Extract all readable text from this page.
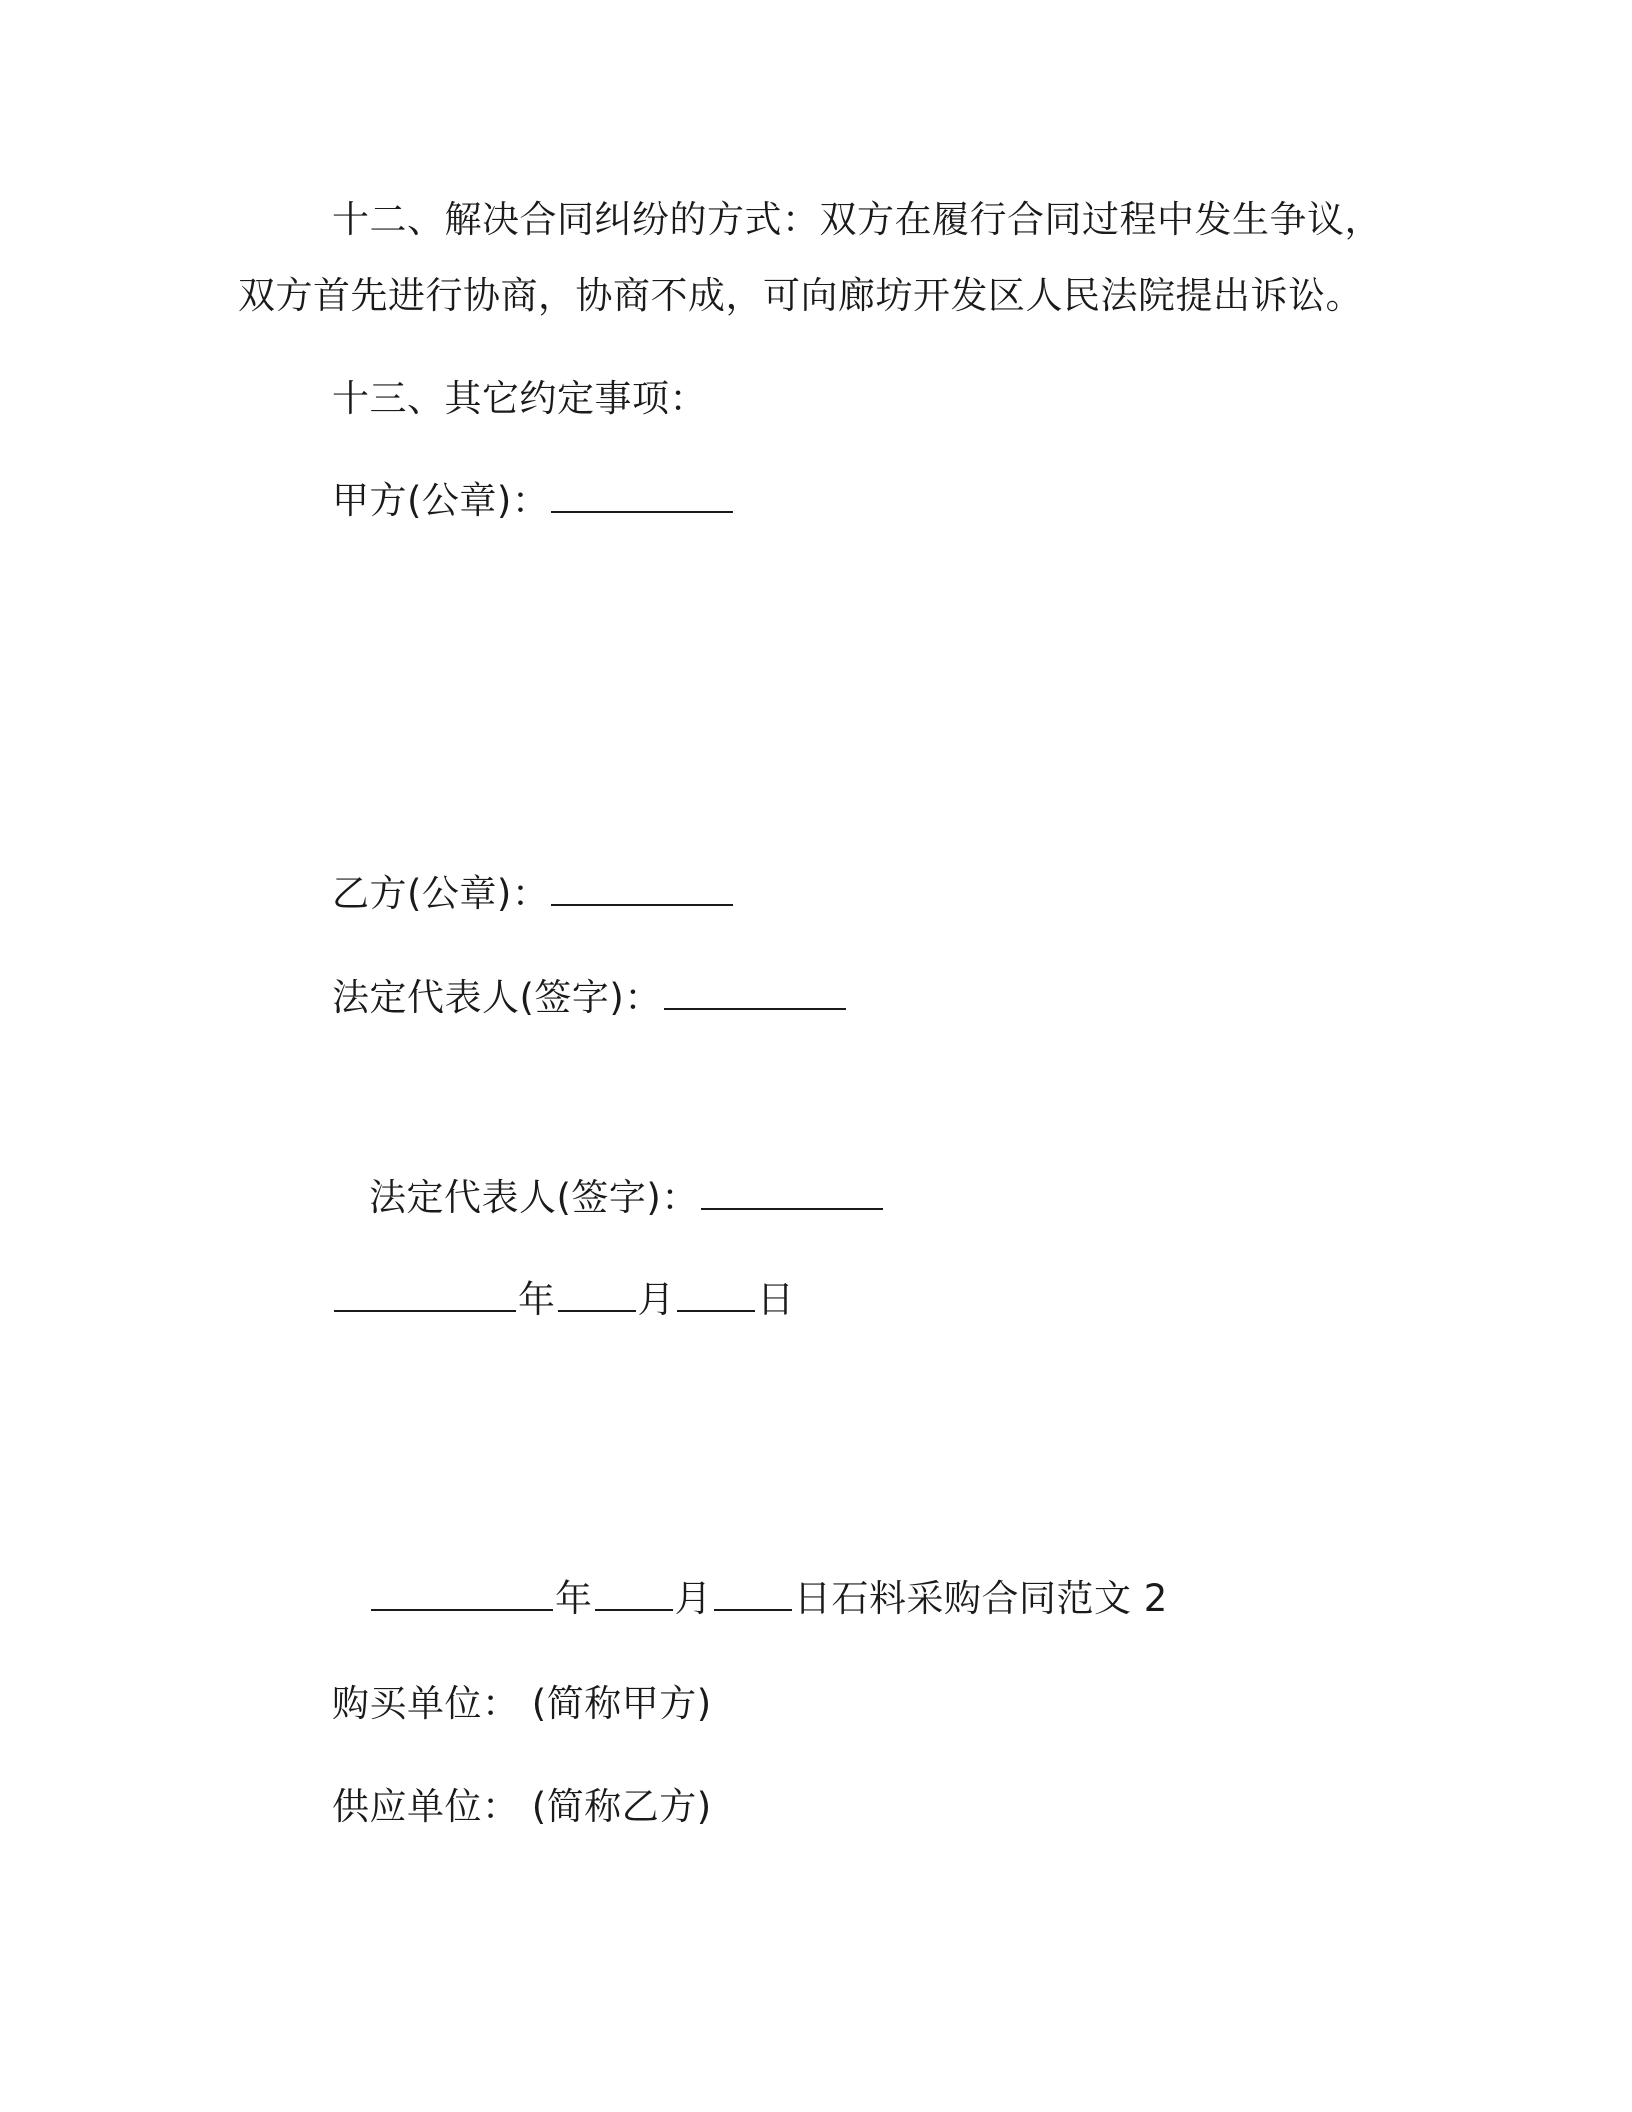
十二、解决合同纠纷的方式：双方在履行合同过程中发生争议，
双方首先进行协商，协商不成，可向廊坊开发区人民法院提出诉讼。
十三、其它约定事项：
甲方(公章)：
乙方(公章)：
法定代表人(签字)：
法定代表人(签字)：
年 月 日
年 月 日石料采购合同范文 2
购买单位： (简称甲方)
供应单位： (简称乙方)
